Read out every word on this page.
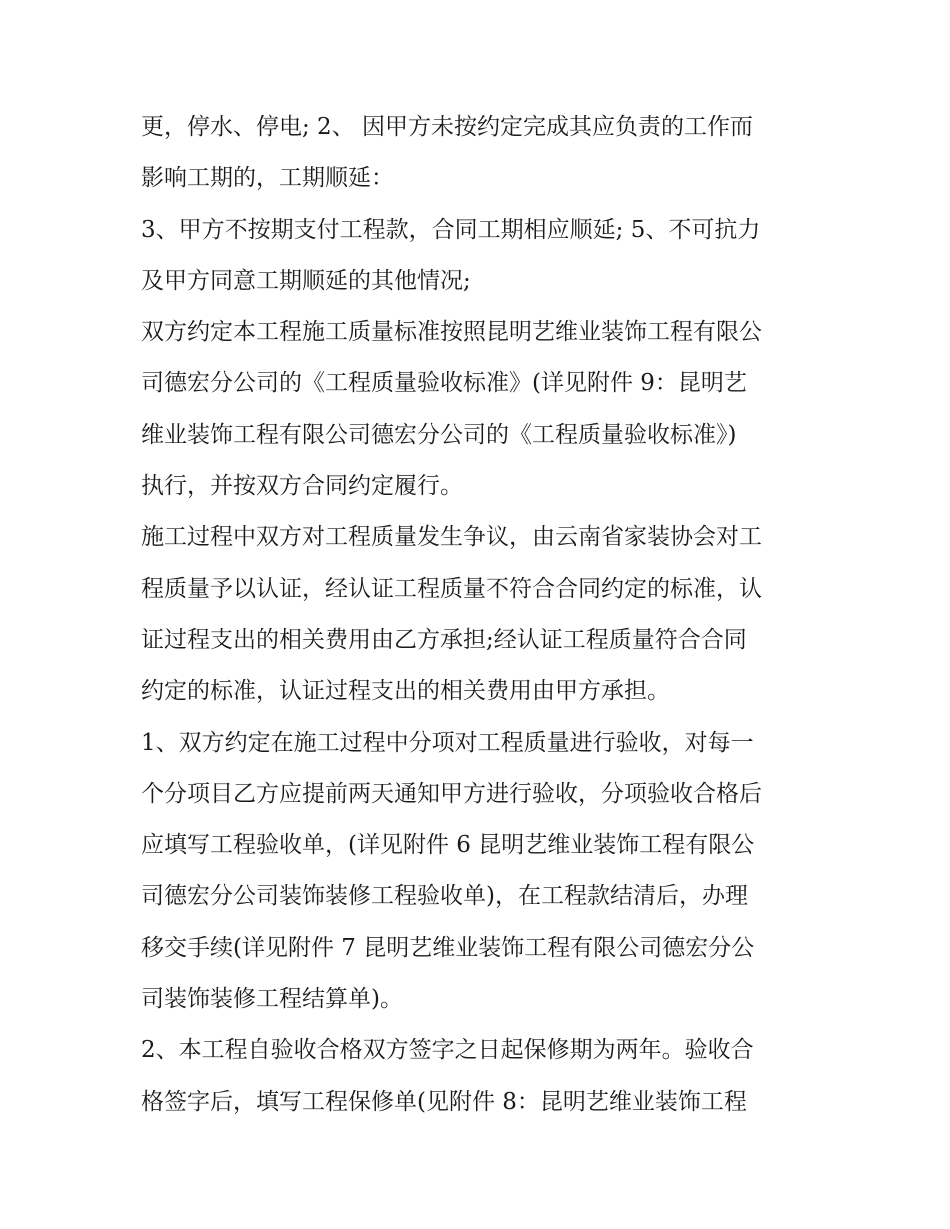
更，停水、停电; 2、 因甲方未按约定完成其应负责的工作而
影响工期的，工期顺延：
3、甲方不按期支付工程款，合同工期相应顺延; 5、不可抗力
及甲方同意工期顺延的其他情况;
双方约定本工程施工质量标准按照昆明艺维业装饰工程有限公
司德宏分公司的《工程质量验收标准》(详见附件 9：昆明艺
维业装饰工程有限公司德宏分公司的《工程质量验收标准》)
执行，并按双方合同约定履行。
施工过程中双方对工程质量发生争议，由云南省家装协会对工
程质量予以认证，经认证工程质量不符合合同约定的标准，认
证过程支出的相关费用由乙方承担;经认证工程质量符合合同
约定的标准，认证过程支出的相关费用由甲方承担。
1、双方约定在施工过程中分项对工程质量进行验收，对每一
个分项目乙方应提前两天通知甲方进行验收，分项验收合格后
应填写工程验收单，(详见附件 6 昆明艺维业装饰工程有限公
司德宏分公司装饰装修工程验收单)，在工程款结清后，办理
移交手续(详见附件 7 昆明艺维业装饰工程有限公司德宏分公
司装饰装修工程结算单)。
2、本工程自验收合格双方签字之日起保修期为两年。验收合
格签字后，填写工程保修单(见附件 8：昆明艺维业装饰工程
